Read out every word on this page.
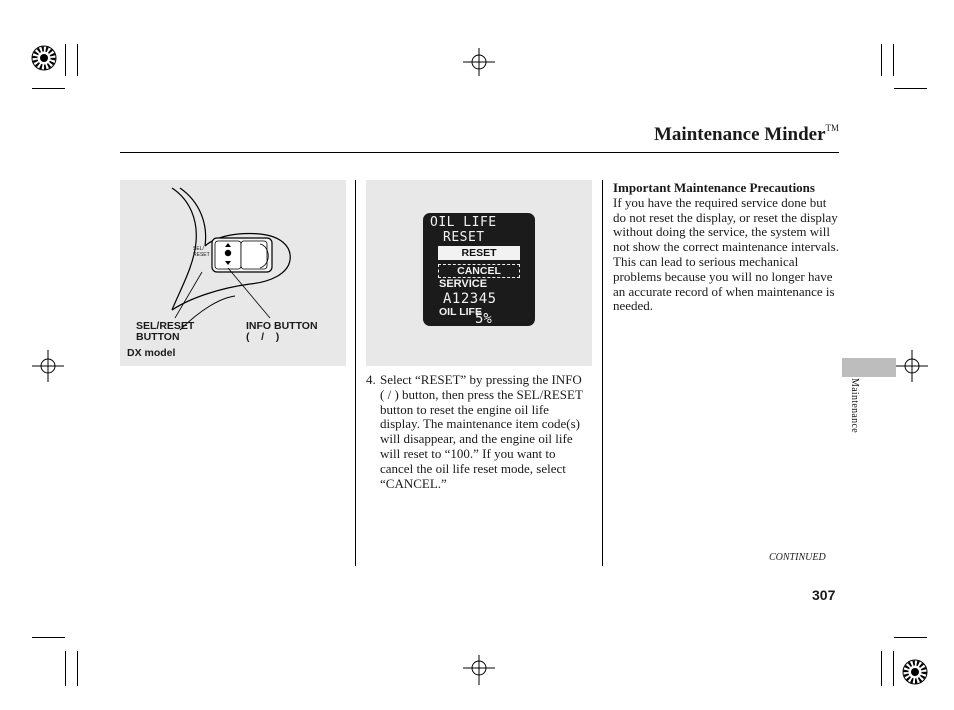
Maintenance Minder™
SEL/
RESET
SEL/RESET
BUTTON
INFO BUTTON
(    /    )
DX model
OIL LIFE
RESET
RESET
CANCEL
SERVICE
A12345
OIL LIFE
5%
4. Select “RESET” by pressing the INFO ( / ) button, then press the SEL/RESET button to reset the engine oil life display. The maintenance item code(s) will disappear, and the engine oil life will reset to “100.” If you want to cancel the oil life reset mode, select “CANCEL.”
Important Maintenance Precautions
If you have the required service done but do not reset the display, or reset the display without doing the service, the system will not show the correct maintenance intervals. This can lead to serious mechanical problems because you will no longer have an accurate record of when maintenance is needed.
Maintenance
CONTINUED
307
